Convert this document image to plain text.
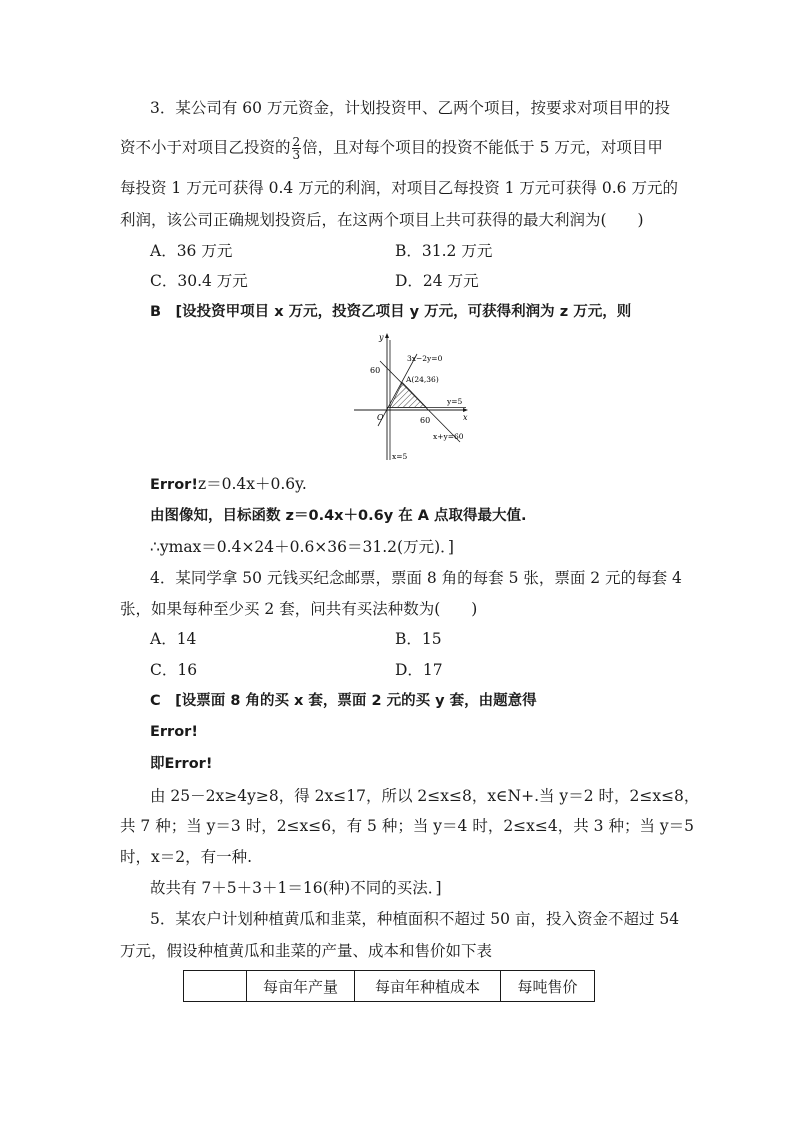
3．某公司有 60 万元资金，计划投资甲、乙两个项目，按要求对项目甲的投
资不小于对项目乙投资的 $\frac{2}{3}$ 倍，且对每个项目的投资不能低于 5 万元，对项目甲
每投资 1 万元可获得 0.4 万元的利润，对项目乙每投资 1 万元可获得 0.6 万元的
利润，该公司正确规划投资后，在这两个项目上共可获得的最大利润为(　　)
A．36 万元	B．31.2 万元
C．30.4 万元	D．24 万元
B　[设投资甲项目 x 万元，投资乙项目 y 万元，可获得利润为 z 万元，则
y
x
60
60
O
3x−2y=0
A(24,36)
y=5
x+y=60
x=5
Error!z＝0.4x＋0.6y.
由图像知，目标函数 z＝0.4x＋0.6y 在 A 点取得最大值.
∴ymax＝0.4×24＋0.6×36＝31.2(万元)．]
4．某同学拿 50 元钱买纪念邮票，票面 8 角的每套 5 张，票面 2 元的每套 4
张，如果每种至少买 2 套，问共有买法种数为(　　)
A．14	B．15
C．16	D．17
C　[设票面 8 角的买 x 套，票面 2 元的买 y 套，由题意得
Error!
即Error!
由 25－2x≥4y≥8，得 2x≤17，所以 2≤x≤8，x∈N+.当 y＝2 时，2≤x≤8，
共 7 种；当 y＝3 时，2≤x≤6，有 5 种；当 y＝4 时，2≤x≤4，共 3 种；当 y＝5
时，x＝2，有一种.
故共有 7＋5＋3＋1＝16(种)不同的买法．]
5．某农户计划种植黄瓜和韭菜，种植面积不超过 50 亩，投入资金不超过 54
万元，假设种植黄瓜和韭菜的产量、成本和售价如下表
	每亩年产量	每亩年种植成本	每吨售价
